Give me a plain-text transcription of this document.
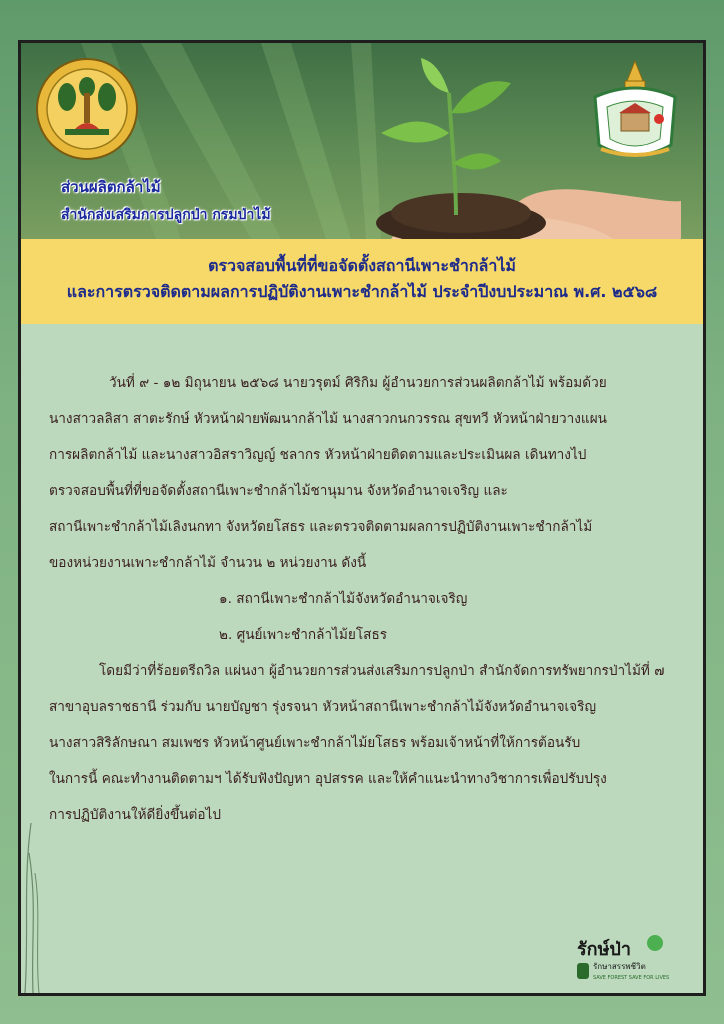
ส่วนผลิตกล้าไม้
สำนักส่งเสริมการปลูกป่า กรมป่าไม้
ตรวจสอบพื้นที่ที่ขอจัดตั้งสถานีเพาะชำกล้าไม้
และการตรวจติดตามผลการปฏิบัติงานเพาะชำกล้าไม้ ประจำปีงบประมาณ พ.ศ. ๒๕๖๘
วันที่ ๙ - ๑๒ มิถุนายน ๒๕๖๘ นายวรุตม์ ศิริกิม ผู้อำนวยการส่วนผลิตกล้าไม้ พร้อมด้วย
นางสาวลลิสา สาตะรักษ์ หัวหน้าฝ่ายพัฒนากล้าไม้ นางสาวกนกวรรณ สุขทวี หัวหน้าฝ่ายวางแผน
การผลิตกล้าไม้ และนางสาวอิสราวิญญ์ ชลากร หัวหน้าฝ่ายติดตามและประเมินผล เดินทางไป
ตรวจสอบพื้นที่ที่ขอจัดตั้งสถานีเพาะชำกล้าไม้ชานุมาน จังหวัดอำนาจเจริญ และ
สถานีเพาะชำกล้าไม้เลิงนกทา จังหวัดยโสธร และตรวจติดตามผลการปฏิบัติงานเพาะชำกล้าไม้
ของหน่วยงานเพาะชำกล้าไม้ จำนวน ๒ หน่วยงาน ดังนี้
๑. สถานีเพาะชำกล้าไม้จังหวัดอำนาจเจริญ
๒. ศูนย์เพาะชำกล้าไม้ยโสธร
โดยมีว่าที่ร้อยตรีถวิล แผ่นงา ผู้อำนวยการส่วนส่งเสริมการปลูกป่า สำนักจัดการทรัพยากรป่าไม้ที่ ๗
สาขาอุบลราชธานี ร่วมกับ นายบัญชา รุ่งรจนา หัวหน้าสถานีเพาะชำกล้าไม้จังหวัดอำนาจเจริญ
นางสาวสิริลักษณา สมเพชร หัวหน้าศูนย์เพาะชำกล้าไม้ยโสธร พร้อมเจ้าหน้าที่ให้การต้อนรับ
ในการนี้ คณะทำงานติดตามฯ ได้รับฟังปัญหา อุปสรรค และให้คำแนะนำทางวิชาการเพื่อปรับปรุง
การปฏิบัติงานให้ดียิ่งขึ้นต่อไป
รักษ์ป่า
รักษาสรรพชีวิต
SAVE FOREST SAVE FOR LIVES
